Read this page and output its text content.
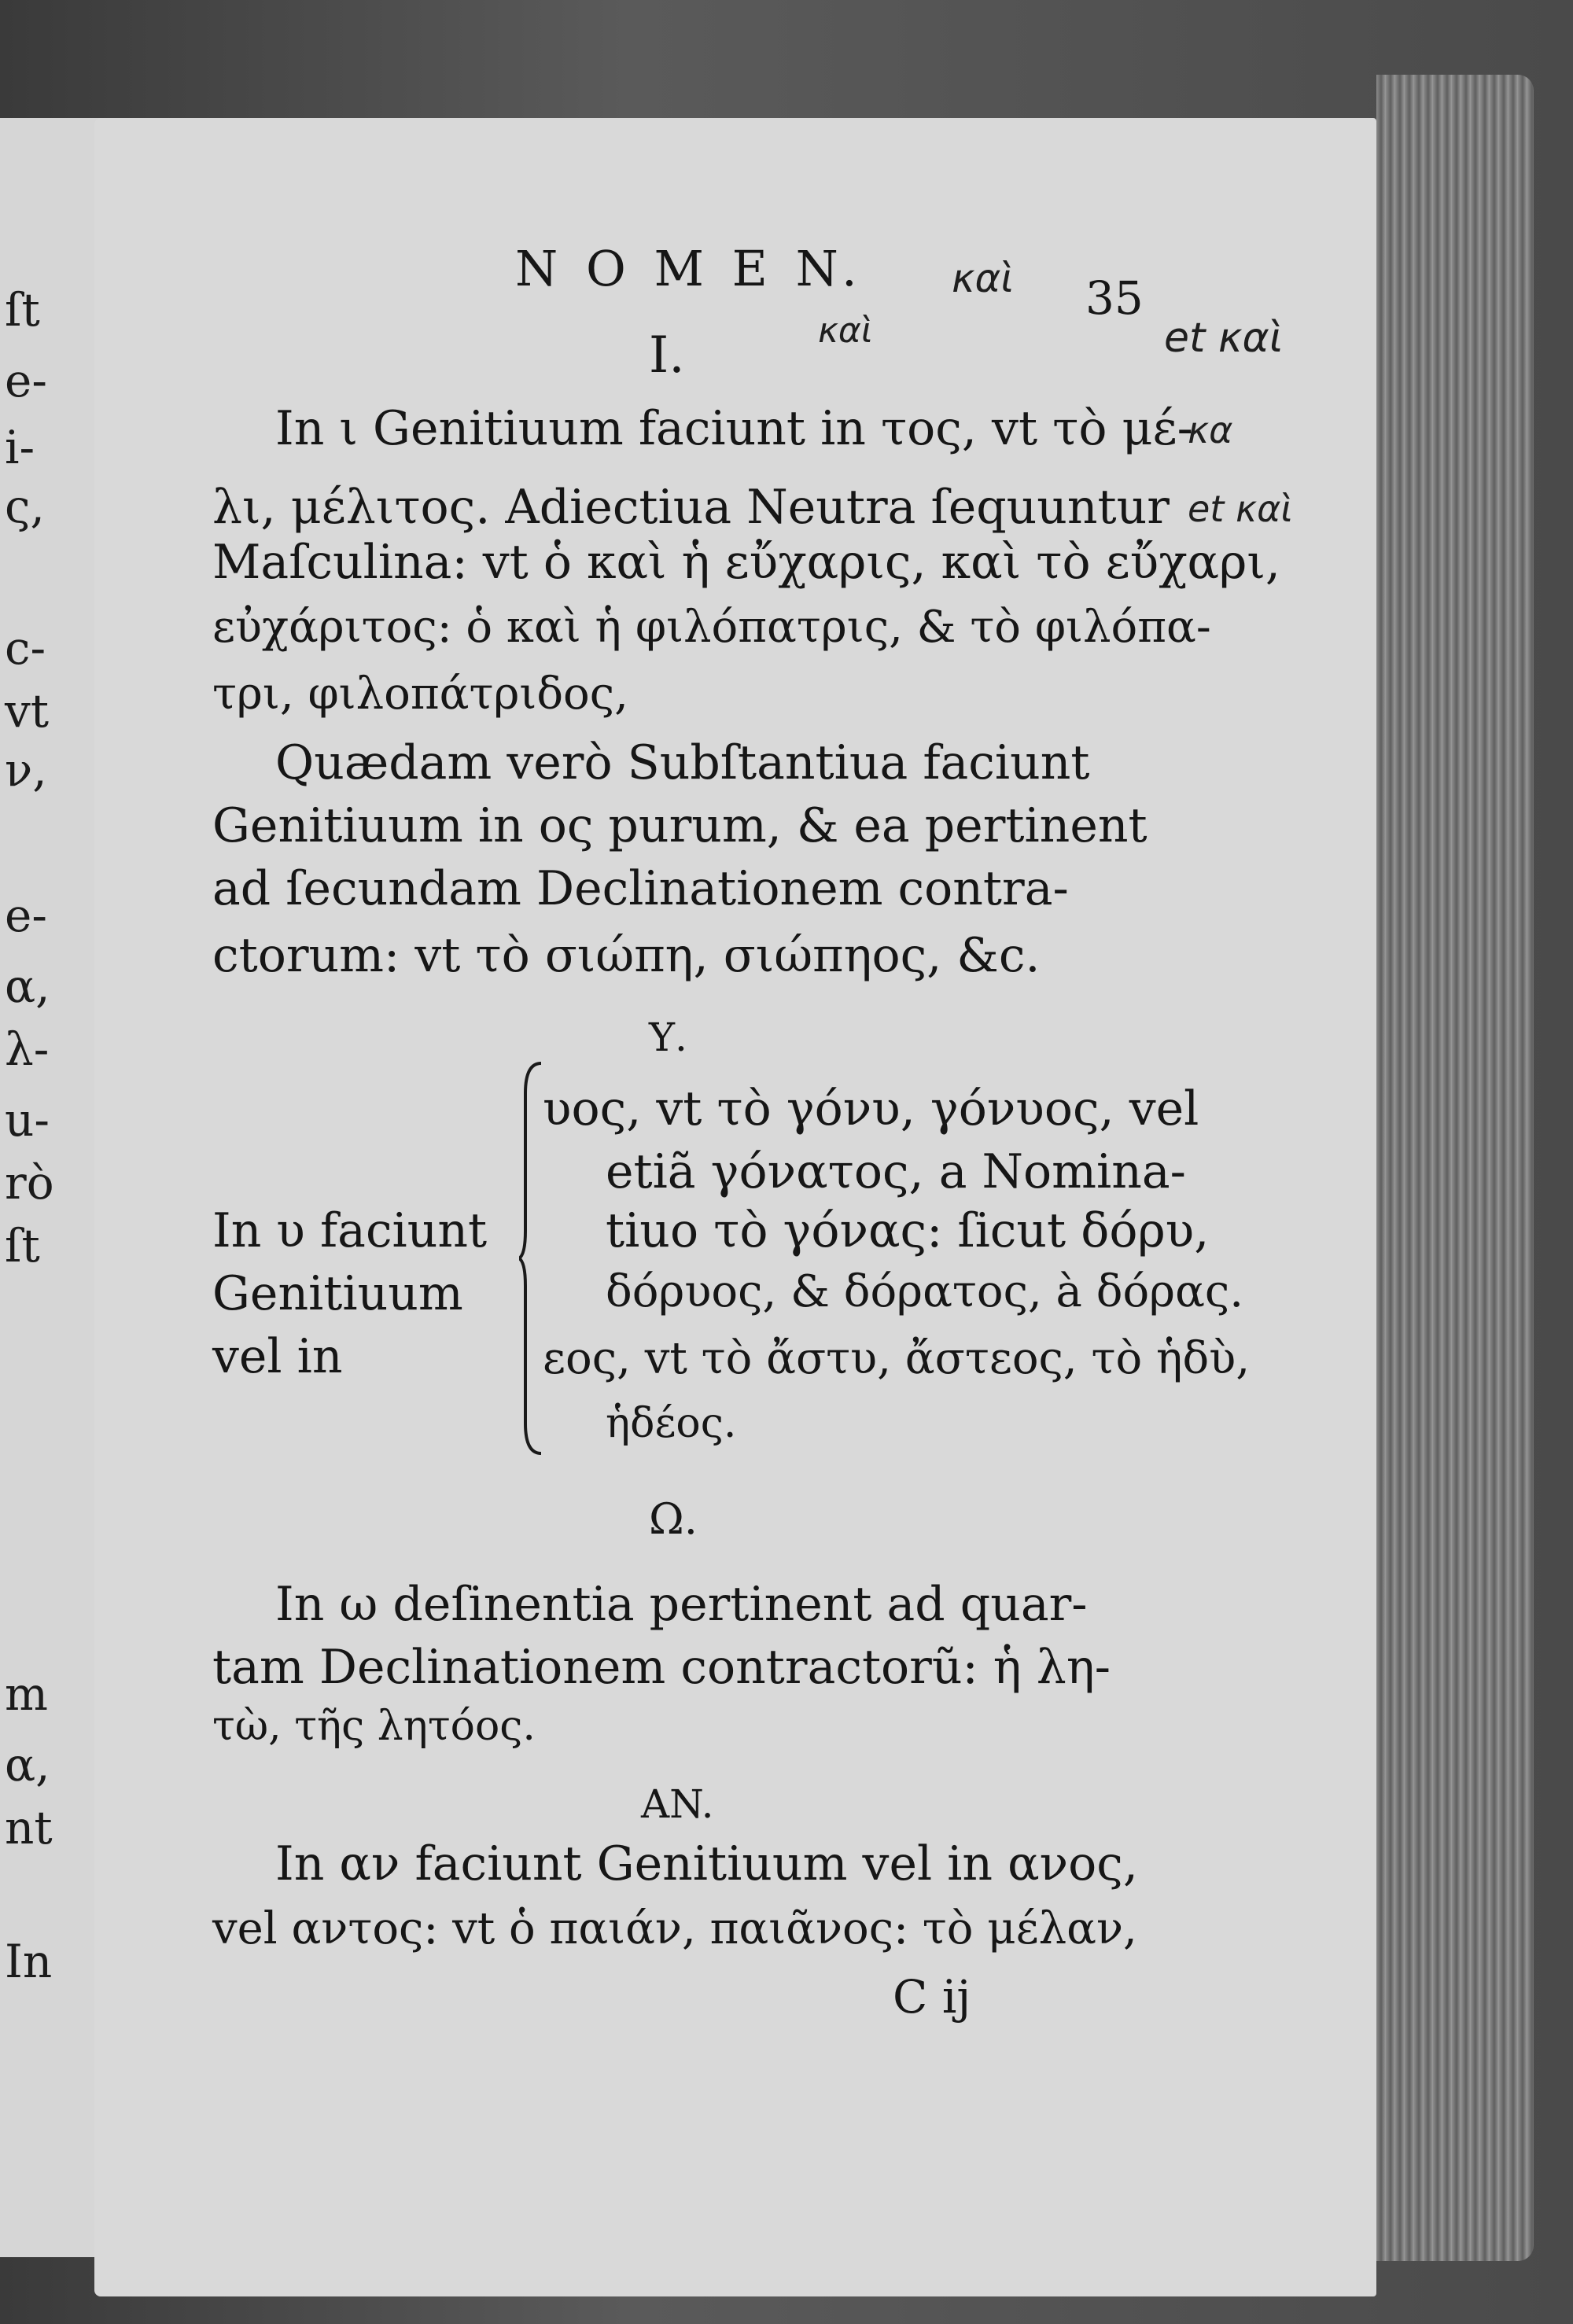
ſt
e-
i-
ς,
c-
vt
ν,
e-
α,
λ-
u-
rò
ſt
m
α,
nt
In
N O M E N.
35
καὶ
καὶ	et καὶ
κα
et καὶ
I.
In ι Genitiuum faciunt in τος, vt τὸ μέ-
λι, μέλιτος. Adiectiua Neutra ſequuntur
Maſculina: vt ὁ καὶ ἡ εὔχαρις, καὶ τὸ εὔχαρι,
εὐχάριτος: ὁ καὶ ἡ φιλόπατρις, & τὸ φιλόπα-
τρι, φιλοπάτριδος,
Quædam verò Subſtantiua faciunt
Genitiuum in ος purum, & ea pertinent
ad ſecundam Declinationem contra-
ctorum: vt τὸ σιώπη, σιώπηος, &c.
Υ.
In υ faciunt
Genitiuum
vel in
υος, vt τὸ γόνυ, γόνυος, vel
etiã γόνατος, a Nomina-
tiuo τὸ γόνας: ſicut δόρυ,
δόρυος, & δόρατος, à δόρας.
εος, vt τὸ ἄστυ, ἄστεος, τὸ ἡδὺ,
ἡδέος.
Ω.
In ω deſinentia pertinent ad quar-
tam Declinationem contractorũ: ἡ λη-
τὼ, τῆς λητόος.
AN.
In αν faciunt Genitiuum vel in ανος,
vel αντος: vt ὁ παιάν, παιᾶνος: τὸ μέλαν,
C ij
